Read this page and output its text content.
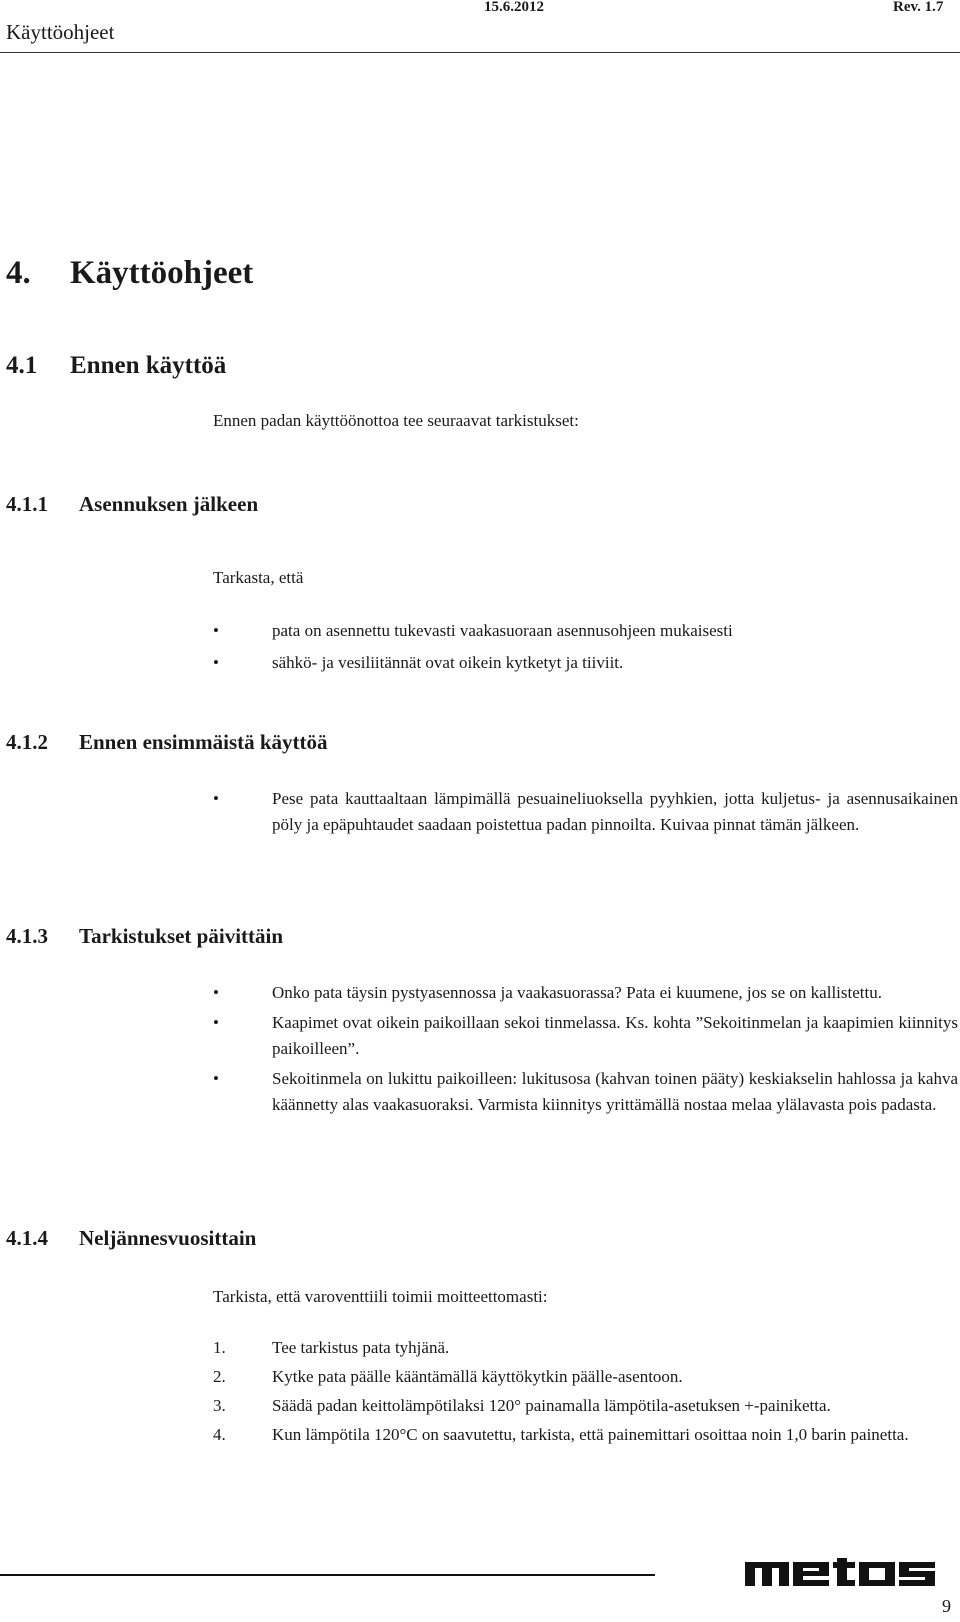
Käyttöohjeet
15.6.2012	Rev. 1.7
4. Käyttöohjeet
4.1 Ennen käyttöä
Ennen padan käyttöönottoa tee seuraavat tarkistukset:
4.1.1 Asennuksen jälkeen
Tarkasta, että
•	pata on asennettu tukevasti vaakasuoraan asennusohjeen mukaisesti
•	sähkö- ja vesiliitännät ovat oikein kytketyt ja tiiviit.
4.1.2 Ennen ensimmäistä käyttöä
•	Pese pata kauttaaltaan lämpimällä pesuaineliuoksella pyyhkien, jotta kuljetus- ja asennusaikainen pöly ja epäpuhtaudet saadaan poistettua padan pinnoilta. Kuivaa pinnat tämän jälkeen.
4.1.3 Tarkistukset päivittäin
•	Onko pata täysin pystyasennossa ja vaakasuorassa? Pata ei kuumene, jos se on kallistettu.
•	Kaapimet ovat oikein paikoillaan sekoi tinmelassa. Ks. kohta ”Sekoitinmelan ja kaapimien kiinnitys paikoilleen”.
•	Sekoitinmela on lukittu paikoilleen: lukitusosa (kahvan toinen pääty) keskiakselin hahlossa ja kahva käännetty alas vaakasuoraksi. Varmista kiinnitys yrittämällä nostaa melaa ylälavasta pois padasta.
4.1.4 Neljännesvuosittain
Tarkista, että varoventtiili toimii moitteettomasti:
1.	Tee tarkistus pata tyhjänä.
2.	Kytke pata päälle kääntämällä käyttökytkin päälle-asentoon.
3.	Säädä padan keittolämpötilaksi 120° painamalla lämpötila-asetuksen +-painiketta.
4.	Kun lämpötila 120°C on saavutettu, tarkista, että painemittari osoittaa noin 1,0 barin painetta.
9
